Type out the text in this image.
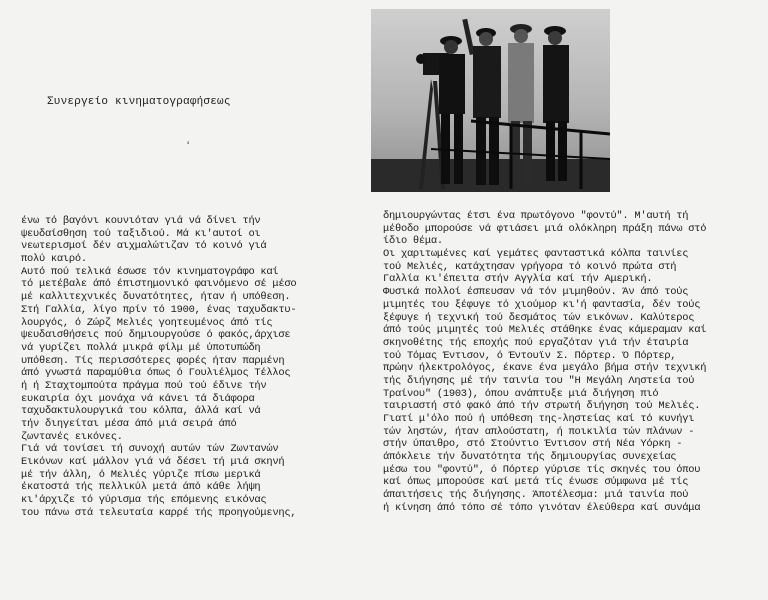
Συνεργείο κινηματογραφήσεως
ʻ
ένω τό βαγόνι κουνιόταν γιά νά δίνει τήν
ψευδαίσθηση τού ταξιδιού. Μά κι'αυτοί οι
νεωτερισμοί δέν αιχμαλώτιζαν τό κοινό γιά
πολύ καιρό.
Αυτό πού τελικά έσωσε τόν κινηματογράφο καί
τό μετέβαλε άπό έπιστημονικό φαινόμενο σέ μέσο
μέ καλλιτεχνικές δυνατότητες, ήταν ή υπόθεση.
Στή Γαλλία, λίγο πρίν τό 1900, ένας ταχυδακτυ-
λουργός, ό Ζώρζ Μελιές γοητευμένος άπό τίς
ψευδαισθήσεις πού δημιουργούσε ό φακός,άρχισε
νά γυρίζει πολλά μικρά φίλμ μέ ύποτυπώδη
υπόθεση. Τίς περισσότερες φορές ήταν παρμένη
άπό γνωστά παραμύθια όπως ό Γουλιέλμος Τέλλος
ή ή Σταχτομπούτα πράγμα πού τού έδινε τήν
ευκαιρία όχι μονάχα νά κάνει τά διάφορα
ταχυδακτυλουργικά του κόλπα, άλλά καί νά
τήν διηγείται μέσα άπό μιά σειρά άπό
ζωντανές εικόνες.
Γιά νά τονίσει τή συνοχή αυτών τών Ζωντανών
Εικόνων καί μάλλον γιά νά δέσει τή μιά σκηνή
μέ τήν άλλη, ό Μελιές γύριζε πίσω μερικά
έκατοστά τής πελλικύλ μετά άπό κάθε λήψη
κι'άρχιζε τό γύρισμα τής επόμενης εικόνας
του πάνω στά τελευταία καρρέ τής προηγούμενης,
δημιουργώντας έτσι ένα πρωτόγονο "φοντύ". Μ'αυτή τή
μέθοδο μπορούσε νά φτιάσει μιά ολόκληρη πράξη πάνω στό
ίδιο θέμα.
Οι χαριτωμένες καί γεμάτες φανταστικά κόλπα ταινίες
τού Μελιές, κατάχτησαν γρήγορα τό κοινό πρώτα στή
Γαλλία κι'έπειτα στήν Αγγλία καί τήν Αμερική.
Φυσικά πολλοί έσπευσαν νά τόν μιμηθούν. Άν άπό τούς
μιμητές του ξέφυγε τό χιούμορ κι'ή φαντασία, δέν τούς
ξέφυγε ή τεχνική τού δεσμάτος τών εικόνων. Καλύτερος
άπό τούς μιμητές τού Μελιές στάθηκε ένας κάμεραμαν καί
σκηνοθέτης τής εποχής πού εργαζόταν γιά τήν έταιρία
τού Τόμας Έντισον, ό Έντουϊν Σ. Πόρτερ. Ό Πόρτερ,
πρώην ήλεκτρολόγος, έκανε ένα μεγάλο βήμα στήν τεχνική
τής διήγησης μέ τήν ταινία του "Η Μεγάλη Ληστεία τού
Τραίνου" (1903), όπου ανάπτυξε μιά διήγηση πιό
ταιριαστή στό φακό άπό τήν στρωτή διήγηση τού Μελιές.
Γιατί μ'όλο πού ή υπόθεση της-ληστείας καί τό κυνήγι
τών ληστών, ήταν απλούστατη, ή ποικιλία τών πλάνων -
στήν ύπαιθρο, στό Στούντιο Έντισον στή Νέα Υόρκη -
άπόκλειε τήν δυνατότητα τής δημιουργίας συνεχείας
μέσω του "φοντύ", ό Πόρτερ γύρισε τίς σκηνές του όπου
καί όπως μπορούσε καί μετά τίς ένωσε σύμφωνα μέ τίς
άπαιτήσεις τής διήγησης. Άποτέλεσμα: μιά ταινία πού
ή κίνηση άπό τόπο σέ τόπο γινόταν έλεύθερα καί συνάμα
